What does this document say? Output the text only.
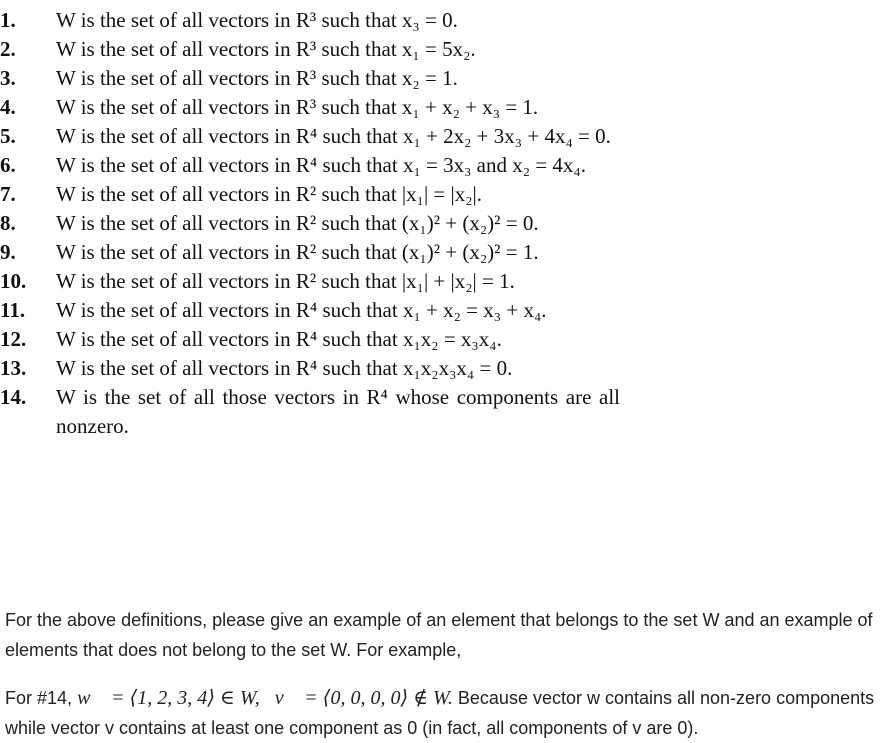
1.	W is the set of all vectors in R³ such that x₃ = 0.
2.	W is the set of all vectors in R³ such that x₁ = 5x₂.
3.	W is the set of all vectors in R³ such that x₂ = 1.
4.	W is the set of all vectors in R³ such that x₁ + x₂ + x₃ = 1.
5.	W is the set of all vectors in R⁴ such that x₁ + 2x₂ + 3x₃ + 4x₄ = 0.
6.	W is the set of all vectors in R⁴ such that x₁ = 3x₃ and x₂ = 4x₄.
7.	W is the set of all vectors in R² such that |x₁| = |x₂|.
8.	W is the set of all vectors in R² such that (x₁)² + (x₂)² = 0.
9.	W is the set of all vectors in R² such that (x₁)² + (x₂)² = 1.
10.	W is the set of all vectors in R² such that |x₁| + |x₂| = 1.
11.	W is the set of all vectors in R⁴ such that x₁ + x₂ = x₃ + x₄.
12.	W is the set of all vectors in R⁴ such that x₁x₂ = x₃x₄.
13.	W is the set of all vectors in R⁴ such that x₁x₂x₃x₄ = 0.
14.	W is the set of all those vectors in R⁴ whose components are all nonzero.

For the above definitions, please give an example of an element that belongs to the set W and an example of elements that does not belong to the set W. For example,

For #14, w⃗ = ⟨1, 2, 3, 4⟩ ∈ W, v⃗ = ⟨0, 0, 0, 0⟩ ∉ W. Because vector w contains all non-zero components while vector v contains at least one component as 0 (in fact, all components of v are 0).
